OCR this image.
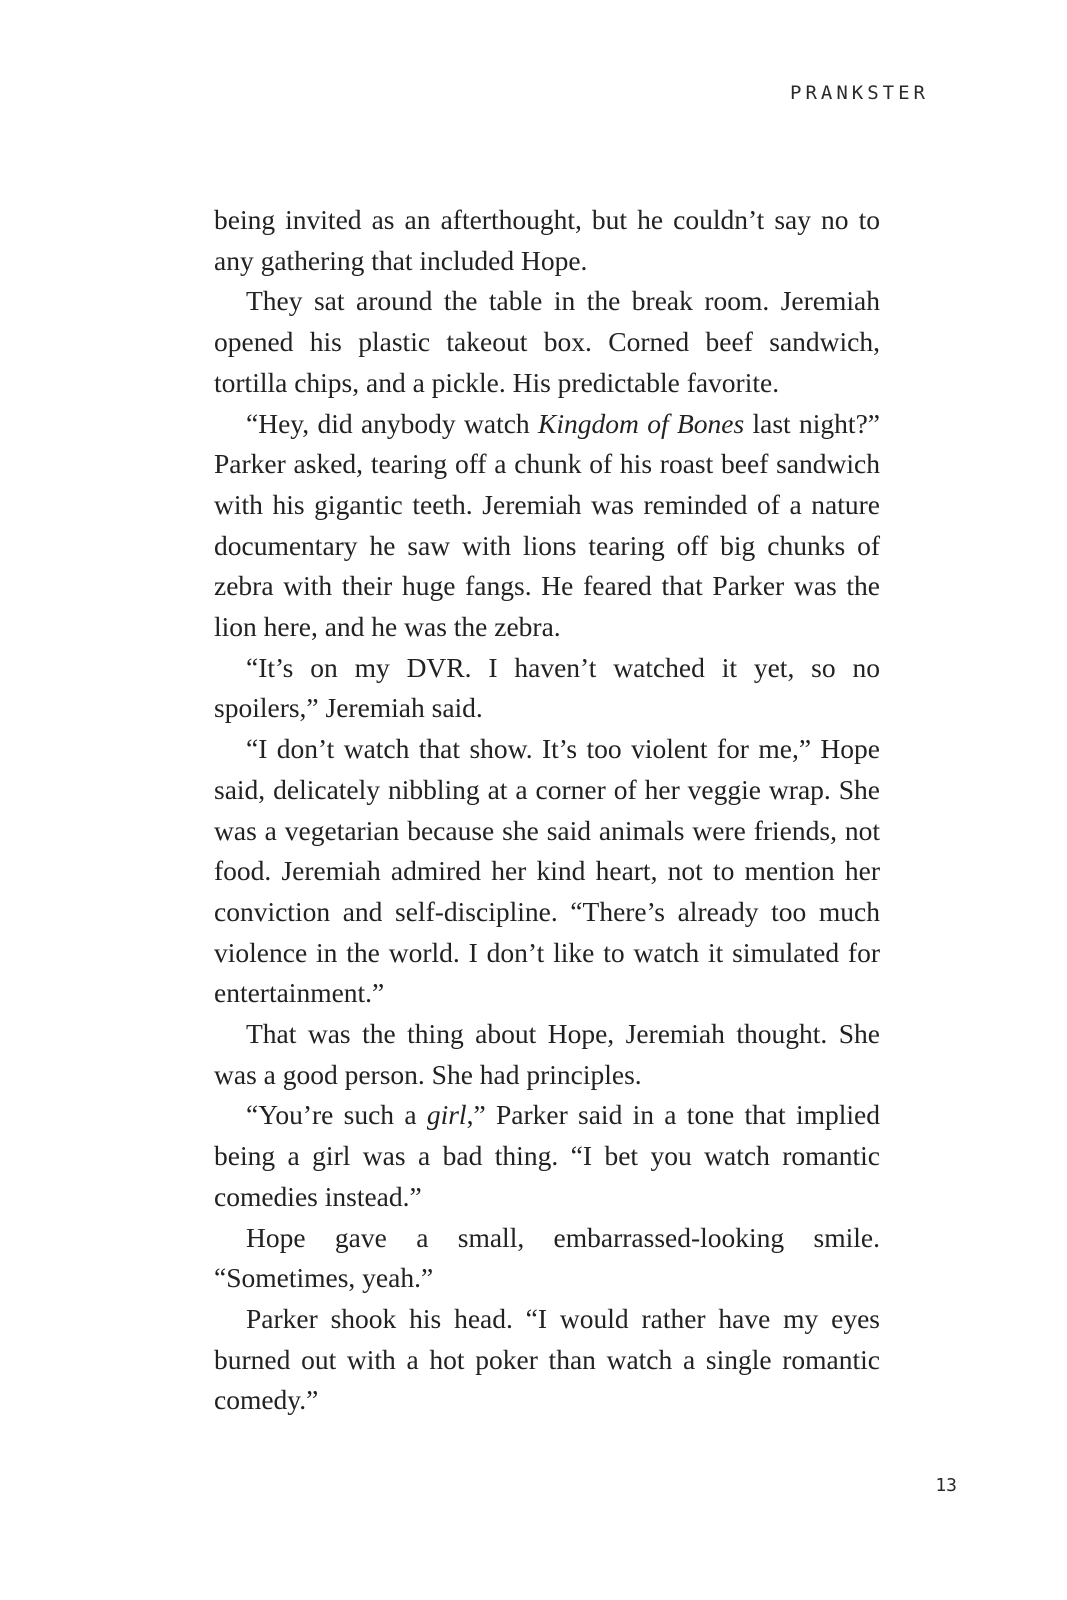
PRANKSTER

being invited as an afterthought, but he couldn’t say no to any gathering that included Hope.

They sat around the table in the break room. Jeremiah opened his plastic takeout box. Corned beef sandwich, tortilla chips, and a pickle. His predictable favorite.

“Hey, did anybody watch Kingdom of Bones last night?” Parker asked, tearing off a chunk of his roast beef sandwich with his gigantic teeth. Jeremiah was reminded of a nature documentary he saw with lions tearing off big chunks of zebra with their huge fangs. He feared that Parker was the lion here, and he was the zebra.

“It’s on my DVR. I haven’t watched it yet, so no spoilers,” Jeremiah said.

“I don’t watch that show. It’s too violent for me,” Hope said, delicately nibbling at a corner of her veggie wrap. She was a vegetarian because she said animals were friends, not food. Jeremiah admired her kind heart, not to mention her conviction and self-discipline. “There’s already too much violence in the world. I don’t like to watch it simulated for entertainment.”

That was the thing about Hope, Jeremiah thought. She was a good person. She had principles.

“You’re such a girl,” Parker said in a tone that implied being a girl was a bad thing. “I bet you watch romantic comedies instead.”

Hope gave a small, embarrassed-looking smile. “Sometimes, yeah.”

Parker shook his head. “I would rather have my eyes burned out with a hot poker than watch a single romantic comedy.”

13
